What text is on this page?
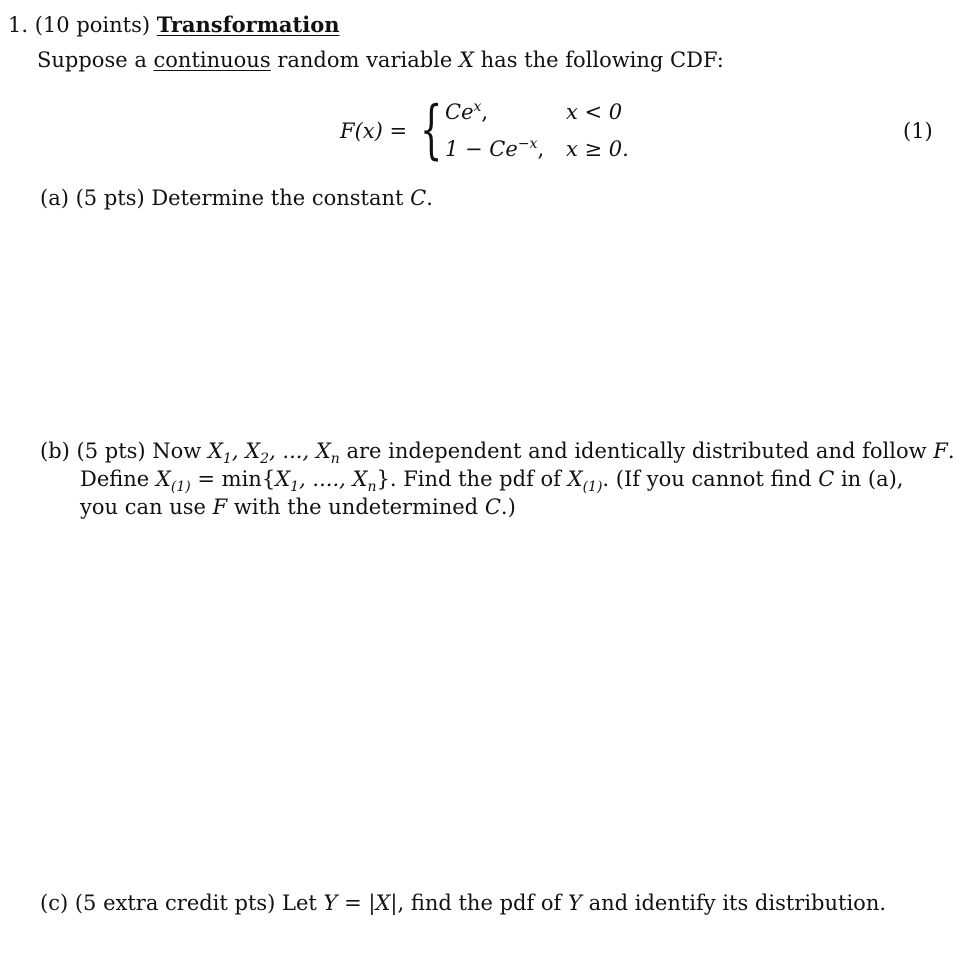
1. (10 points) Transformation
Suppose a continuous random variable X has the following CDF:
F(x) = { Ce$^x$,	x < 0
$1 - Ce^{-x}$, x ≥ 0.
(1)
(a) (5 pts) Determine the constant C.
(b) (5 pts) Now $X_1$, $X_2$, ..., $X_n$ are independent and identically distributed and follow F.
Define $X_{(1)} = \min\{X_1$, ...., $X_n$}. Find the pdf of $X_{(1)}$. (If you cannot find C in (a),
you can use F with the undetermined C.)
(c) (5 extra credit pts) Let Y = |X|, find the pdf of Y and identify its distribution.
